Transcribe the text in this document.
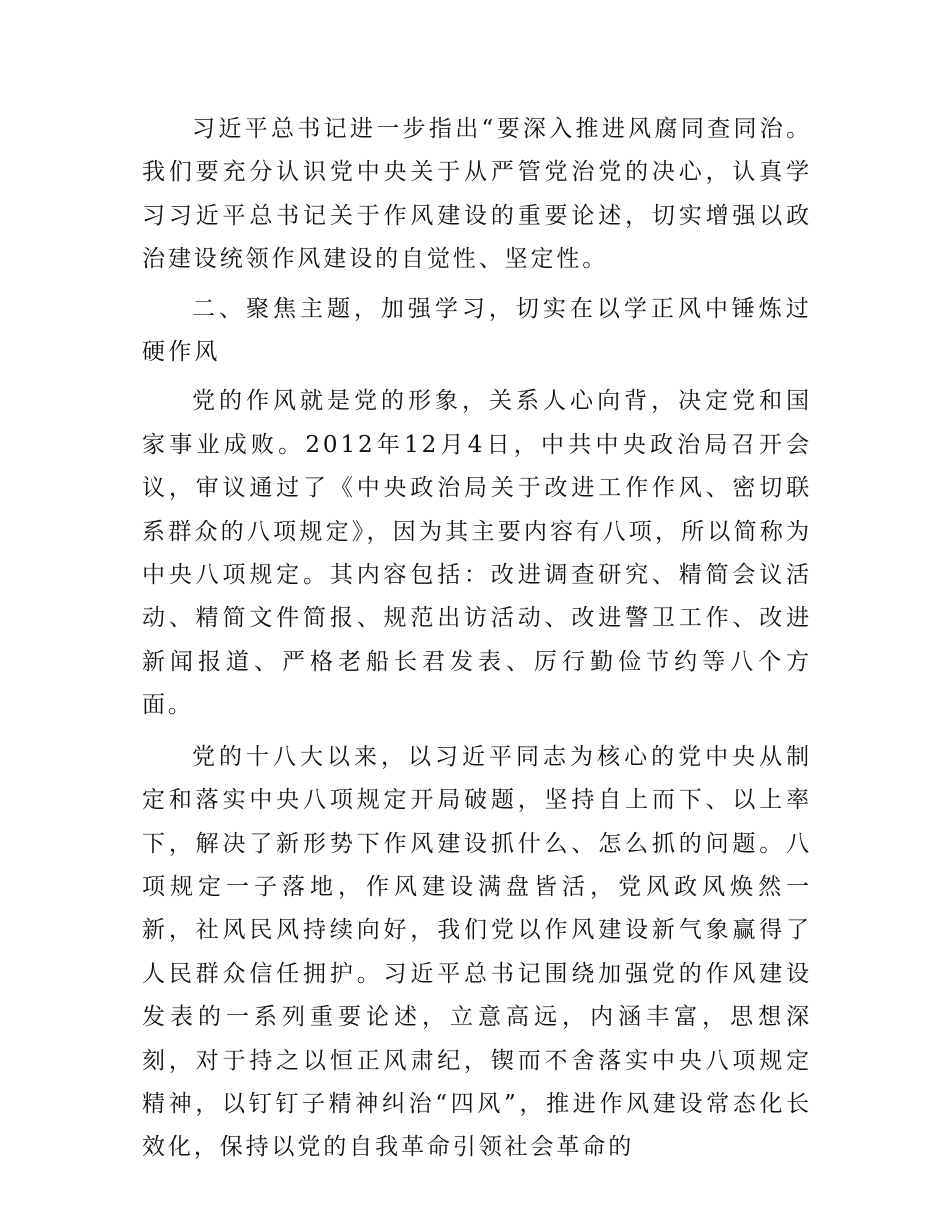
习近平总书记进一步指出“要深入推进风腐同查同治。我们要充分认识党中央关于从严管党治党的决心，认真学习习近平总书记关于作风建设的重要论述，切实增强以政治建设统领作风建设的自觉性、坚定性。

二、聚焦主题，加强学习，切实在以学正风中锤炼过硬作风

党的作风就是党的形象，关系人心向背，决定党和国家事业成败。2012年12月4日，中共中央政治局召开会议，审议通过了《中央政治局关于改进工作作风、密切联系群众的八项规定》，因为其主要内容有八项，所以简称为中央八项规定。其内容包括：改进调查研究、精简会议活动、精简文件简报、规范出访活动、改进警卫工作、改进新闻报道、严格老船长君发表、厉行勤俭节约等八个方面。

党的十八大以来，以习近平同志为核心的党中央从制定和落实中央八项规定开局破题，坚持自上而下、以上率下，解决了新形势下作风建设抓什么、怎么抓的问题。八项规定一子落地，作风建设满盘皆活，党风政风焕然一新，社风民风持续向好，我们党以作风建设新气象赢得了人民群众信任拥护。习近平总书记围绕加强党的作风建设发表的一系列重要论述，立意高远，内涵丰富，思想深刻，对于持之以恒正风肃纪，锲而不舍落实中央八项规定精神，以钉钉子精神纠治“四风”，推进作风建设常态化长效化，保持以党的自我革命引领社会革命的
